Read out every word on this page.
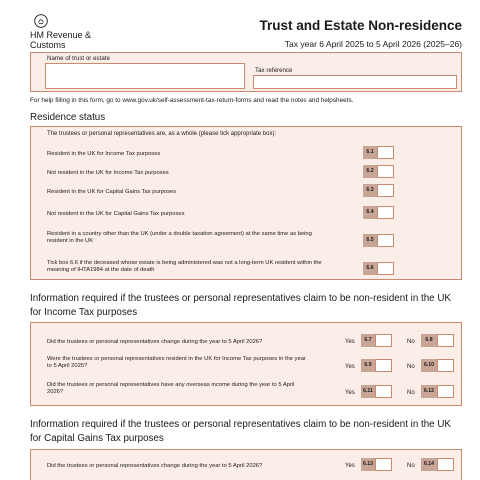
HM Revenue & Customs
Trust and Estate Non-residence
Tax year 6 April 2025 to 5 April 2026 (2025–26)
Name of trust or estate
Tax reference
For help filling in this form, go to www.gov.uk/self-assessment-tax-return-forms and read the notes and helpsheets.
Residence status
The trustees or personal representatives are, as a whole (please tick appropriate box):
Resident in the UK for Income Tax purposes	6.1
Not resident in the UK for Income Tax purposes	6.2
Resident in the UK for Capital Gains Tax purposes	6.3
Not resident in the UK for Capital Gains Tax purposes	6.4
Resident in a country other than the UK (under a double taxation agreement) at the same time as being resident in the UK	6.5
Tick box 6.6 if the deceased whose estate is being administered was not a long-term UK resident within the meaning of IHTA1984 at the date of death	6.6
Information required if the trustees or personal representatives claim to be non-resident in the UK for Income Tax purposes
Did the trustees or personal representatives change during the year to 5 April 2026?	Yes	6.7	No	6.8
Were the trustees or personal representatives resident in the UK for Income Tax purposes in the year to 5 April 2025?	Yes	6.9	No	6.10
Did the trustees or personal representatives have any overseas income during the year to 5 April 2026?	Yes	6.11	No	6.12
Information required if the trustees or personal representatives claim to be non-resident in the UK for Capital Gains Tax purposes
Did the trustees or personal representatives change during the year to 5 April 2026?	Yes	6.13	No	6.14
